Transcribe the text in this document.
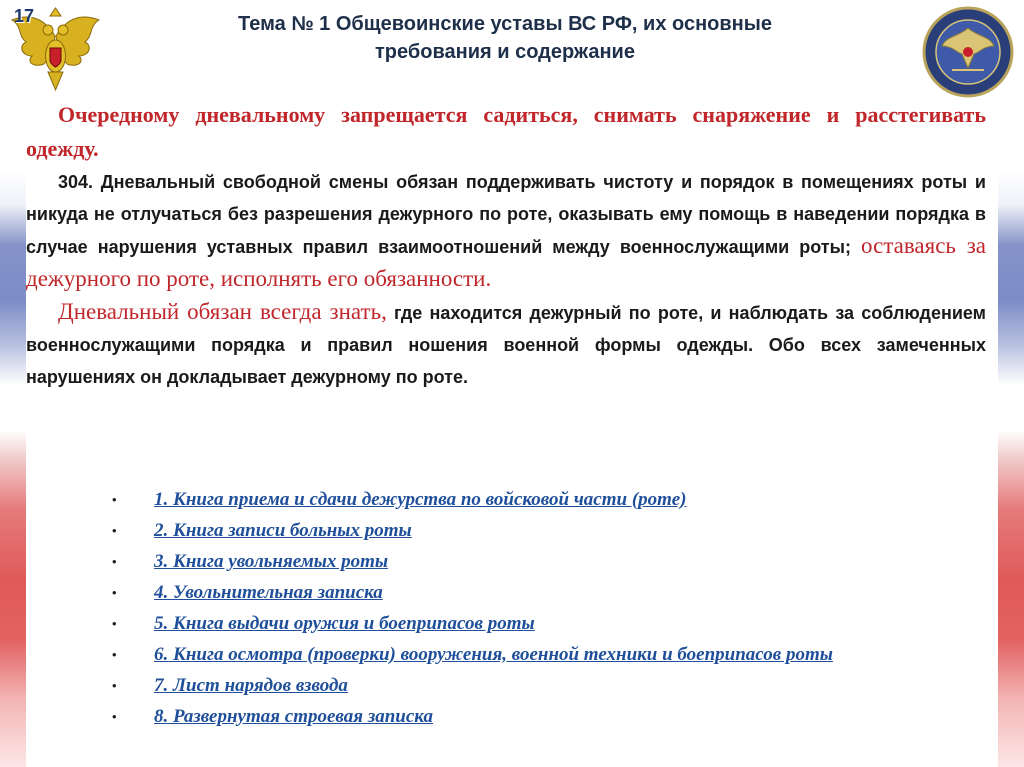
17	Тема № 1 Общевоинские уставы ВС РФ, их основные
требования и содержание

Очередному дневальному запрещается садиться, снимать снаряжение и расстегивать одежду.

304. Дневальный свободной смены обязан поддерживать чистоту и порядок в помещениях роты и никуда не отлучаться без разрешения дежурного по роте, оказывать ему помощь в наведении порядка в случае нарушения уставных правил взаимоотношений между военнослужащими роты; оставаясь за дежурного по роте, исполнять его обязанности.

Дневальный обязан всегда знать, где находится дежурный по роте, и наблюдать за соблюдением военнослужащими порядка и правил ношения военной формы одежды. Обо всех замеченных нарушениях он докладывает дежурному по роте.

• 1. Книга приема и сдачи дежурства по войсковой части (роте)
• 2. Книга записи больных роты
• 3. Книга увольняемых роты
• 4. Увольнительная записка
• 5. Книга выдачи оружия и боеприпасов роты
• 6. Книга осмотра (проверки) вооружения, военной техники и боеприпасов роты
• 7. Лист нарядов взвода
• 8. Развернутая строевая записка
